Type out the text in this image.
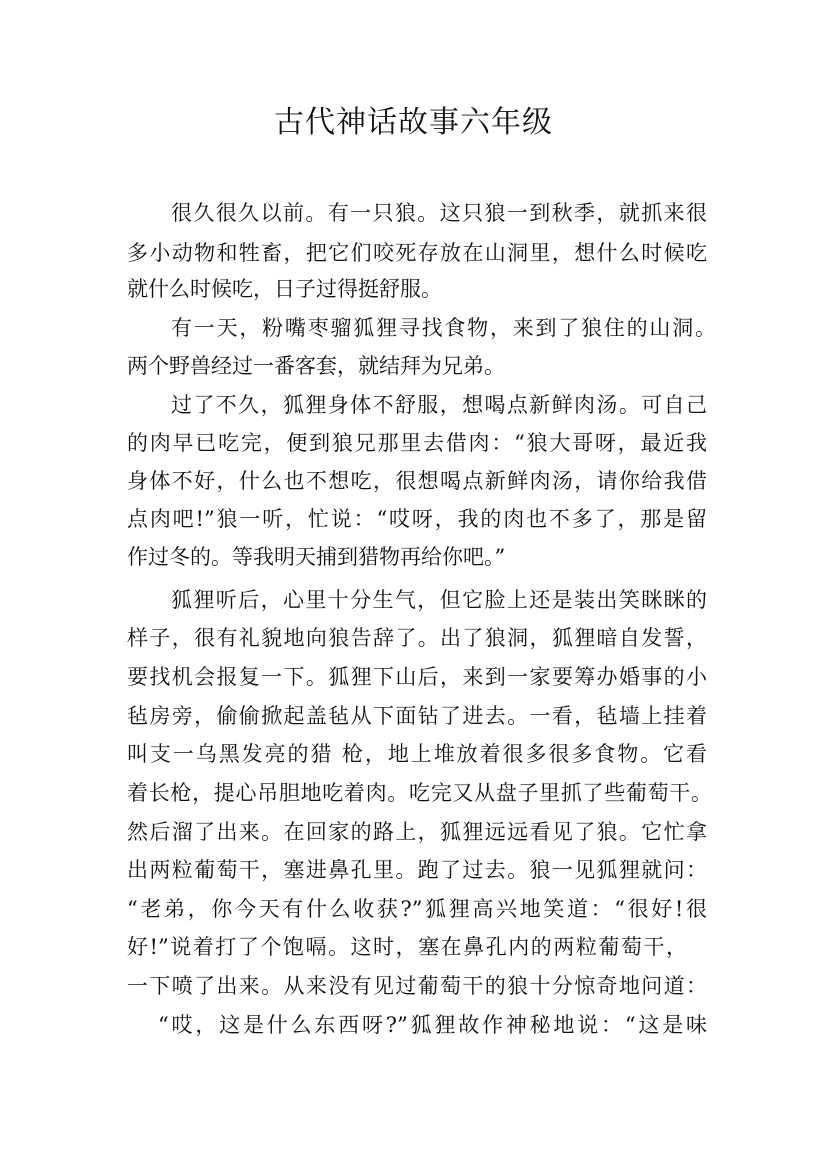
古代神话故事六年级

很久很久以前。有一只狼。这只狼一到秋季，就抓来很

多小动物和牲畜，把它们咬死存放在山洞里，想什么时候吃

就什么时候吃，日子过得挺舒服。

有一天，粉嘴枣骝狐狸寻找食物，来到了狼住的山洞。

两个野兽经过一番客套，就结拜为兄弟。

过了不久，狐狸身体不舒服，想喝点新鲜肉汤。可自己

的肉早已吃完，便到狼兄那里去借肉：“狼大哥呀，最近我

身体不好，什么也不想吃，很想喝点新鲜肉汤，请你给我借

点肉吧!”狼一听，忙说：“哎呀，我的肉也不多了，那是留

作过冬的。等我明天捕到猎物再给你吧。”

狐狸听后，心里十分生气，但它脸上还是装出笑眯眯的

样子，很有礼貌地向狼告辞了。出了狼洞，狐狸暗自发誓，

要找机会报复一下。狐狸下山后，来到一家要筹办婚事的小

毡房旁，偷偷掀起盖毡从下面钻了进去。一看，毡墙上挂着

叫支一乌黑发亮的猎 枪，地上堆放着很多很多食物。它看

着长枪，提心吊胆地吃着肉。吃完又从盘子里抓了些葡萄干。

然后溜了出来。在回家的路上，狐狸远远看见了狼。它忙拿

出两粒葡萄干，塞进鼻孔里。跑了过去。狼一见狐狸就问：

“老弟，你今天有什么收获?”狐狸高兴地笑道：“很好!很

好!”说着打了个饱嗝。这时，塞在鼻孔内的两粒葡萄干，

一下喷了出来。从来没有见过葡萄干的狼十分惊奇地问道：

“哎，这是什么东西呀?”狐狸故作神秘地说：“这是味
